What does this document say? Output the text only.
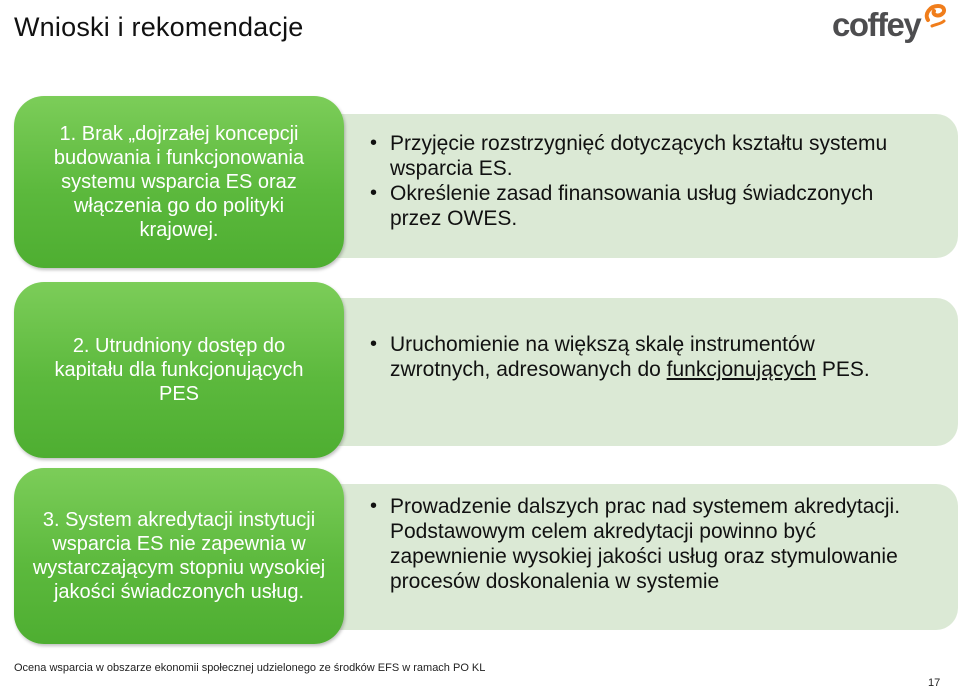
Wnioski i rekomendacje	coffey
• Przyjęcie rozstrzygnięć dotyczących kształtu systemu wsparcia ES.
• Określenie zasad finansowania usług świadczonych przez OWES.
1. Brak „dojrzałej koncepcji budowania i funkcjonowania systemu wsparcia ES oraz włączenia go do polityki krajowej.
• Uruchomienie na większą skalę instrumentów zwrotnych, adresowanych do funkcjonujących PES.
2. Utrudniony dostęp do kapitału dla funkcjonujących PES
• Prowadzenie dalszych prac nad systemem akredytacji. Podstawowym celem akredytacji powinno być zapewnienie wysokiej jakości usług oraz stymulowanie procesów doskonalenia w systemie
3. System akredytacji instytucji wsparcia ES nie zapewnia w wystarczającym stopniu wysokiej jakości świadczonych usług.
Ocena wsparcia w obszarze ekonomii społecznej udzielonego ze środków EFS w ramach PO KL
17
